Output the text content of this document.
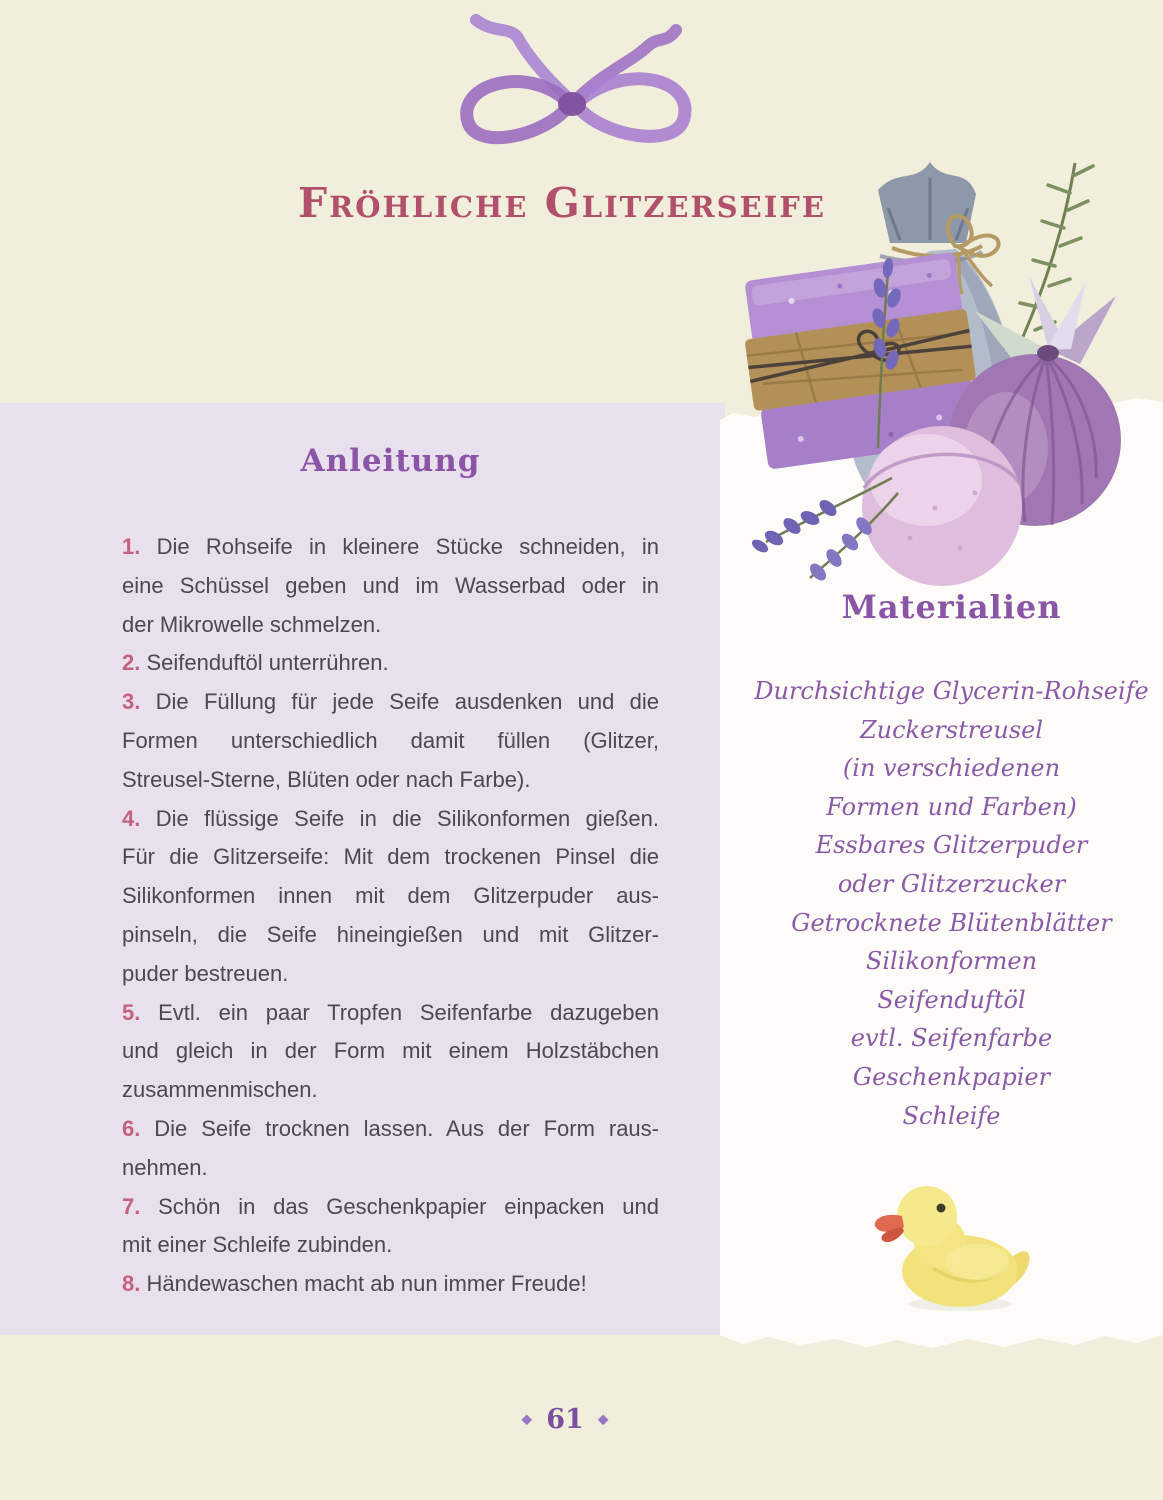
Fröhliche Glitzerseife
Anleitung
1. Die Rohseife in kleinere Stücke schneiden, in
eine Schüssel geben und im Wasserbad oder in
der Mikrowelle schmelzen.
2. Seifenduftöl unterrühren.
3. Die Füllung für jede Seife ausdenken und die
Formen unterschiedlich damit füllen (Glitzer,
Streusel-Sterne, Blüten oder nach Farbe).
4. Die flüssige Seife in die Silikonformen gießen.
Für die Glitzerseife: Mit dem trockenen Pinsel die
Silikonformen innen mit dem Glitzerpuder aus-
pinseln, die Seife hineingießen und mit Glitzer-
puder bestreuen.
5. Evtl. ein paar Tropfen Seifenfarbe dazugeben
und gleich in der Form mit einem Holzstäbchen
zusammenmischen.
6. Die Seife trocknen lassen. Aus der Form raus-
nehmen.
7. Schön in das Geschenkpapier einpacken und
mit einer Schleife zubinden.
8. Händewaschen macht ab nun immer Freude!
Materialien
Durchsichtige Glycerin-Rohseife
Zuckerstreusel
(in verschiedenen
Formen und Farben)
Essbares Glitzerpuder
oder Glitzerzucker
Getrocknete Blütenblätter
Silikonformen
Seifenduftöl
evtl. Seifenfarbe
Geschenkpapier
Schleife
◆ 61 ◆
